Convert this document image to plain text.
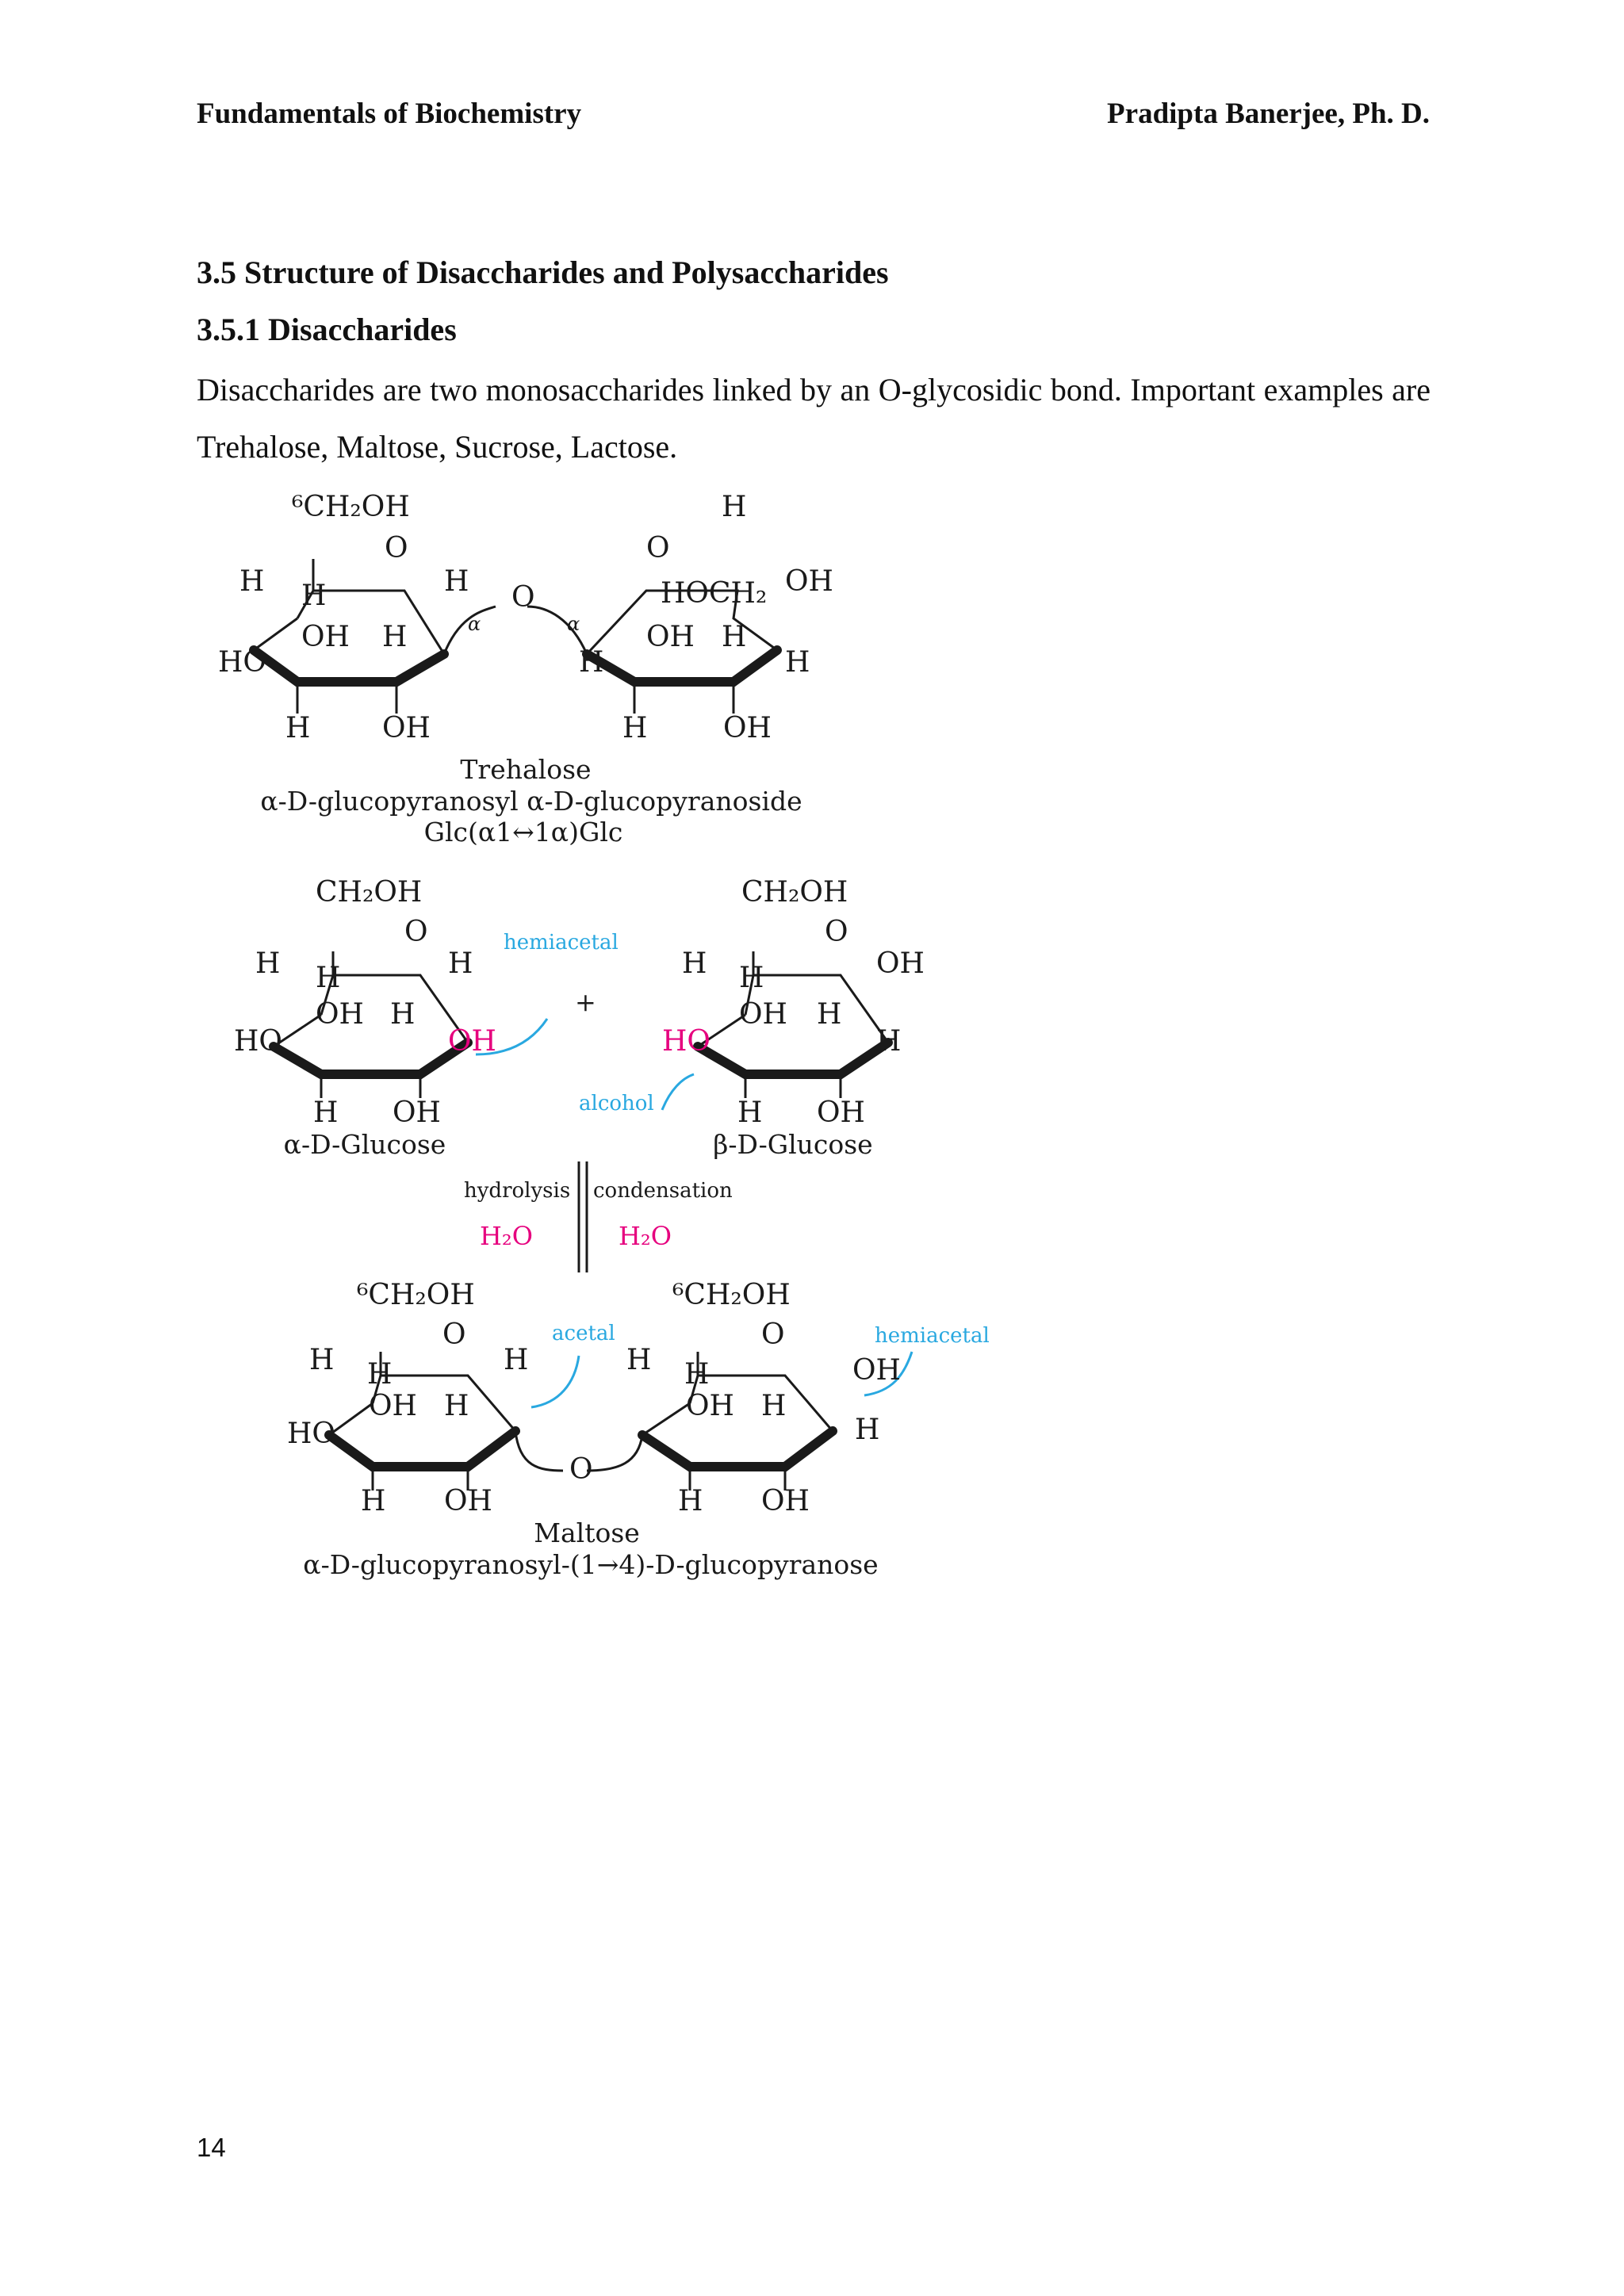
Fundamentals of Biochemistry	Pradipta Banerjee, Ph. D.
3.5 Structure of Disaccharides and Polysaccharides
3.5.1 Disaccharides
Disaccharides are two monosaccharides linked by an O-glycosidic bond. Important examples are Trehalose, Maltose, Sucrose, Lactose.
⁶CH₂OH	H
O	O
HOCH₂ OH
O
H H	H
OH H
HO
H	OH
OH H
H	H
H	OH
α	α
Trehalose
α-D-glucopyranosyl α-D-glucopyranoside
Glc(α1↔1α)Glc
CH₂OH	CH₂OH
O	O
H H	H
OH H
HO	OH
H OH
H H	OH
OH H
HO	H
H OH
hemiacetal
alcohol
+
α-D-Glucose	β-D-Glucose
hydrolysis condensation
H₂O	H₂O
⁶CH₂OH	⁶CH₂OH
O	O
H H	H
OH H
HO
H OH
O
H H	OH
OH H
H
H OH
acetal	hemiacetal
Maltose
α-D-glucopyranosyl-(1→4)-D-glucopyranose
14
